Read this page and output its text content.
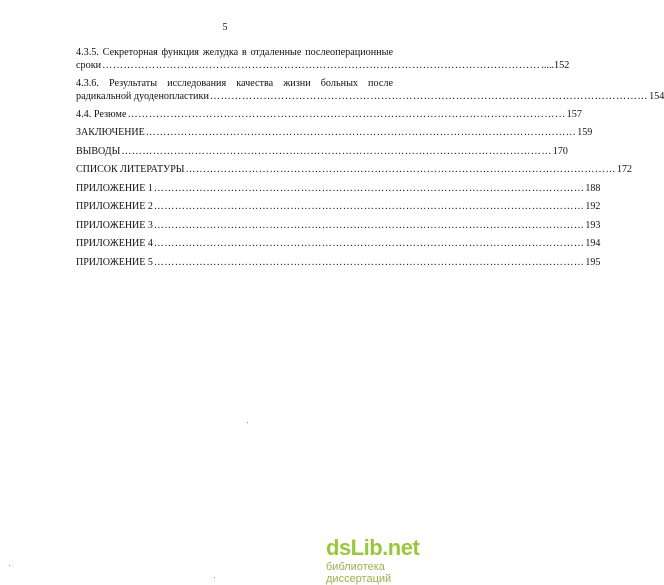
5
4.3.5. Секреторная функция желудка в отдаленные послеоперационные
сроки …………………………………………………………………………………………………………… .....152
4.3.6. Результаты исследования качества жизни больных после
радикальной дуоденопластики …………………………………………………………………………………………………………… 154
4.4. Резюме …………………………………………………………………………………………………………… 157
ЗАКЛЮЧЕНИЕ …………………………………………………………………………………………………………… 159
ВЫВОДЫ …………………………………………………………………………………………………………… 170
СПИСОК ЛИТЕРАТУРЫ …………………………………………………………………………………………………………… 172
ПРИЛОЖЕНИЕ 1 …………………………………………………………………………………………………………… 188
ПРИЛОЖЕНИЕ 2 …………………………………………………………………………………………………………… 192
ПРИЛОЖЕНИЕ 3 …………………………………………………………………………………………………………… 193
ПРИЛОЖЕНИЕ 4 …………………………………………………………………………………………………………… 194
ПРИЛОЖЕНИЕ 5 …………………………………………………………………………………………………………… 195
dsLib.net
библиотека диссертаций
